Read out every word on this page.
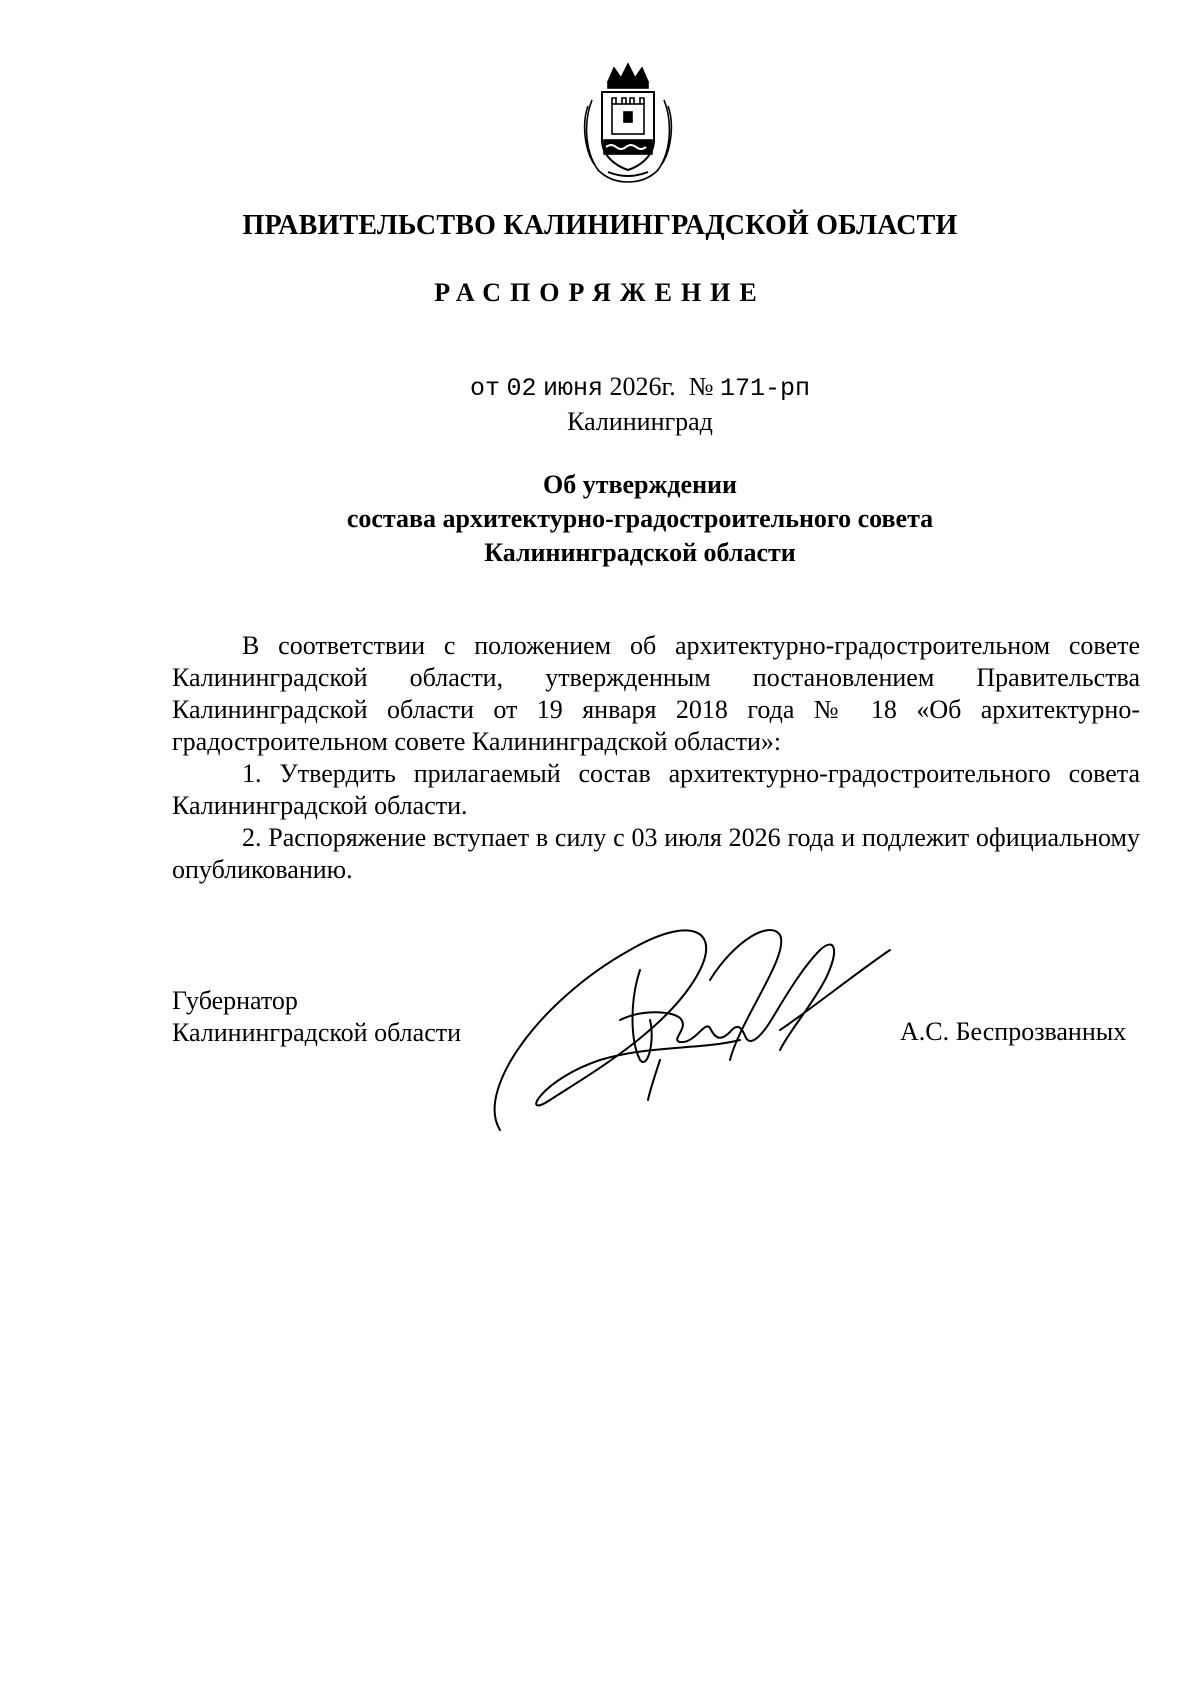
ПРАВИТЕЛЬСТВО КАЛИНИНГРАДСКОЙ ОБЛАСТИ
РАСПОРЯЖЕНИЕ
от 02 июня 2026г. № 171-рп
Калининград
Об утверждении
состава архитектурно-градостроительного совета
Калининградской области

В соответствии с положением об архитектурно-градостроительном совете Калининградской области, утвержденным постановлением Правительства Калининградской области от 19 января 2018 года № 18 «Об архитектурно-градостроительном совете Калининградской области»:

1. Утвердить прилагаемый состав архитектурно-градостроительного совета Калининградской области.

2. Распоряжение вступает в силу с 03 июля 2026 года и подлежит официальному опубликованию.

Губернатор
Калининградской области	А.С. Беспрозванных
